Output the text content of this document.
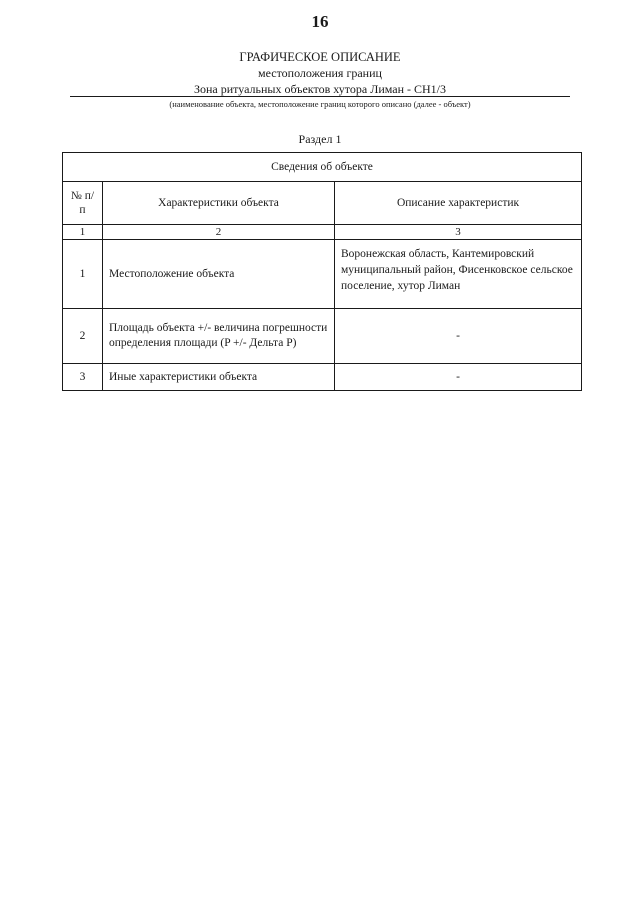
16
ГРАФИЧЕСКОЕ ОПИСАНИЕ
местоположения границ
Зона ритуальных объектов хутора Лиман - СН1/3
(наименование объекта, местоположение границ которого описано (далее - объект)
Раздел 1
Сведения об объекте		
№ п/п	Характеристики объекта	Описание характеристик
1	2	3
1	Местоположение объекта	Воронежская область, Кантемировский муниципальный район, Фисенковское сельское поселение, хутор Лиман
2	Площадь объекта +/- величина погрешности определения площади (P +/- Дельта P)	-
3	Иные характеристики объекта	-
